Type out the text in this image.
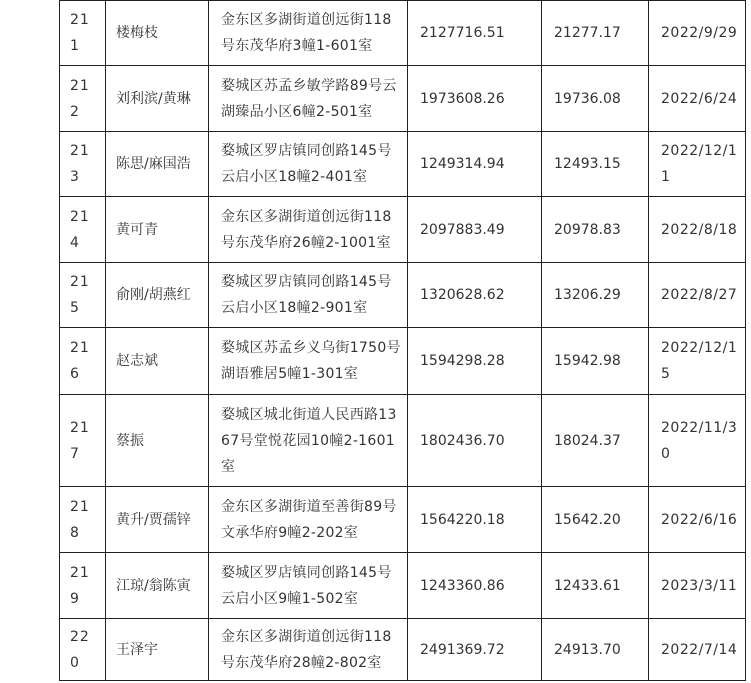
211	楼梅枝	金东区多湖街道创远街118号东茂华府3幢1-601室	2127716.51	21277.17	2022/9/29
212	刘利滨/黄琳	婺城区苏孟乡敏学路89号云湖臻品小区6幢2-501室	1973608.26	19736.08	2022/6/24
213	陈思/麻国浩	婺城区罗店镇同创路145号云启小区18幢2-401室	1249314.94	12493.15	2022/12/11
214	黄可青	金东区多湖街道创远街118号东茂华府26幢2-1001室	2097883.49	20978.83	2022/8/18
215	俞刚/胡燕红	婺城区罗店镇同创路145号云启小区18幢2-901室	1320628.62	13206.29	2022/8/27
216	赵志斌	婺城区苏孟乡义乌街1750号湖语雅居5幢1-301室	1594298.28	15942.98	2022/12/15
217	蔡振	婺城区城北街道人民西路1367号堂悦花园10幢2-1601室	1802436.70	18024.37	2022/11/30
218	黄升/贾孺锌	金东区多湖街道至善街89号文承华府9幢2-202室	1564220.18	15642.20	2022/6/16
219	江琼/翁陈寅	婺城区罗店镇同创路145号云启小区9幢1-502室	1243360.86	12433.61	2023/3/11
220	王泽宇	金东区多湖街道创远街118号东茂华府28幢2-802室	2491369.72	24913.70	2022/7/14
